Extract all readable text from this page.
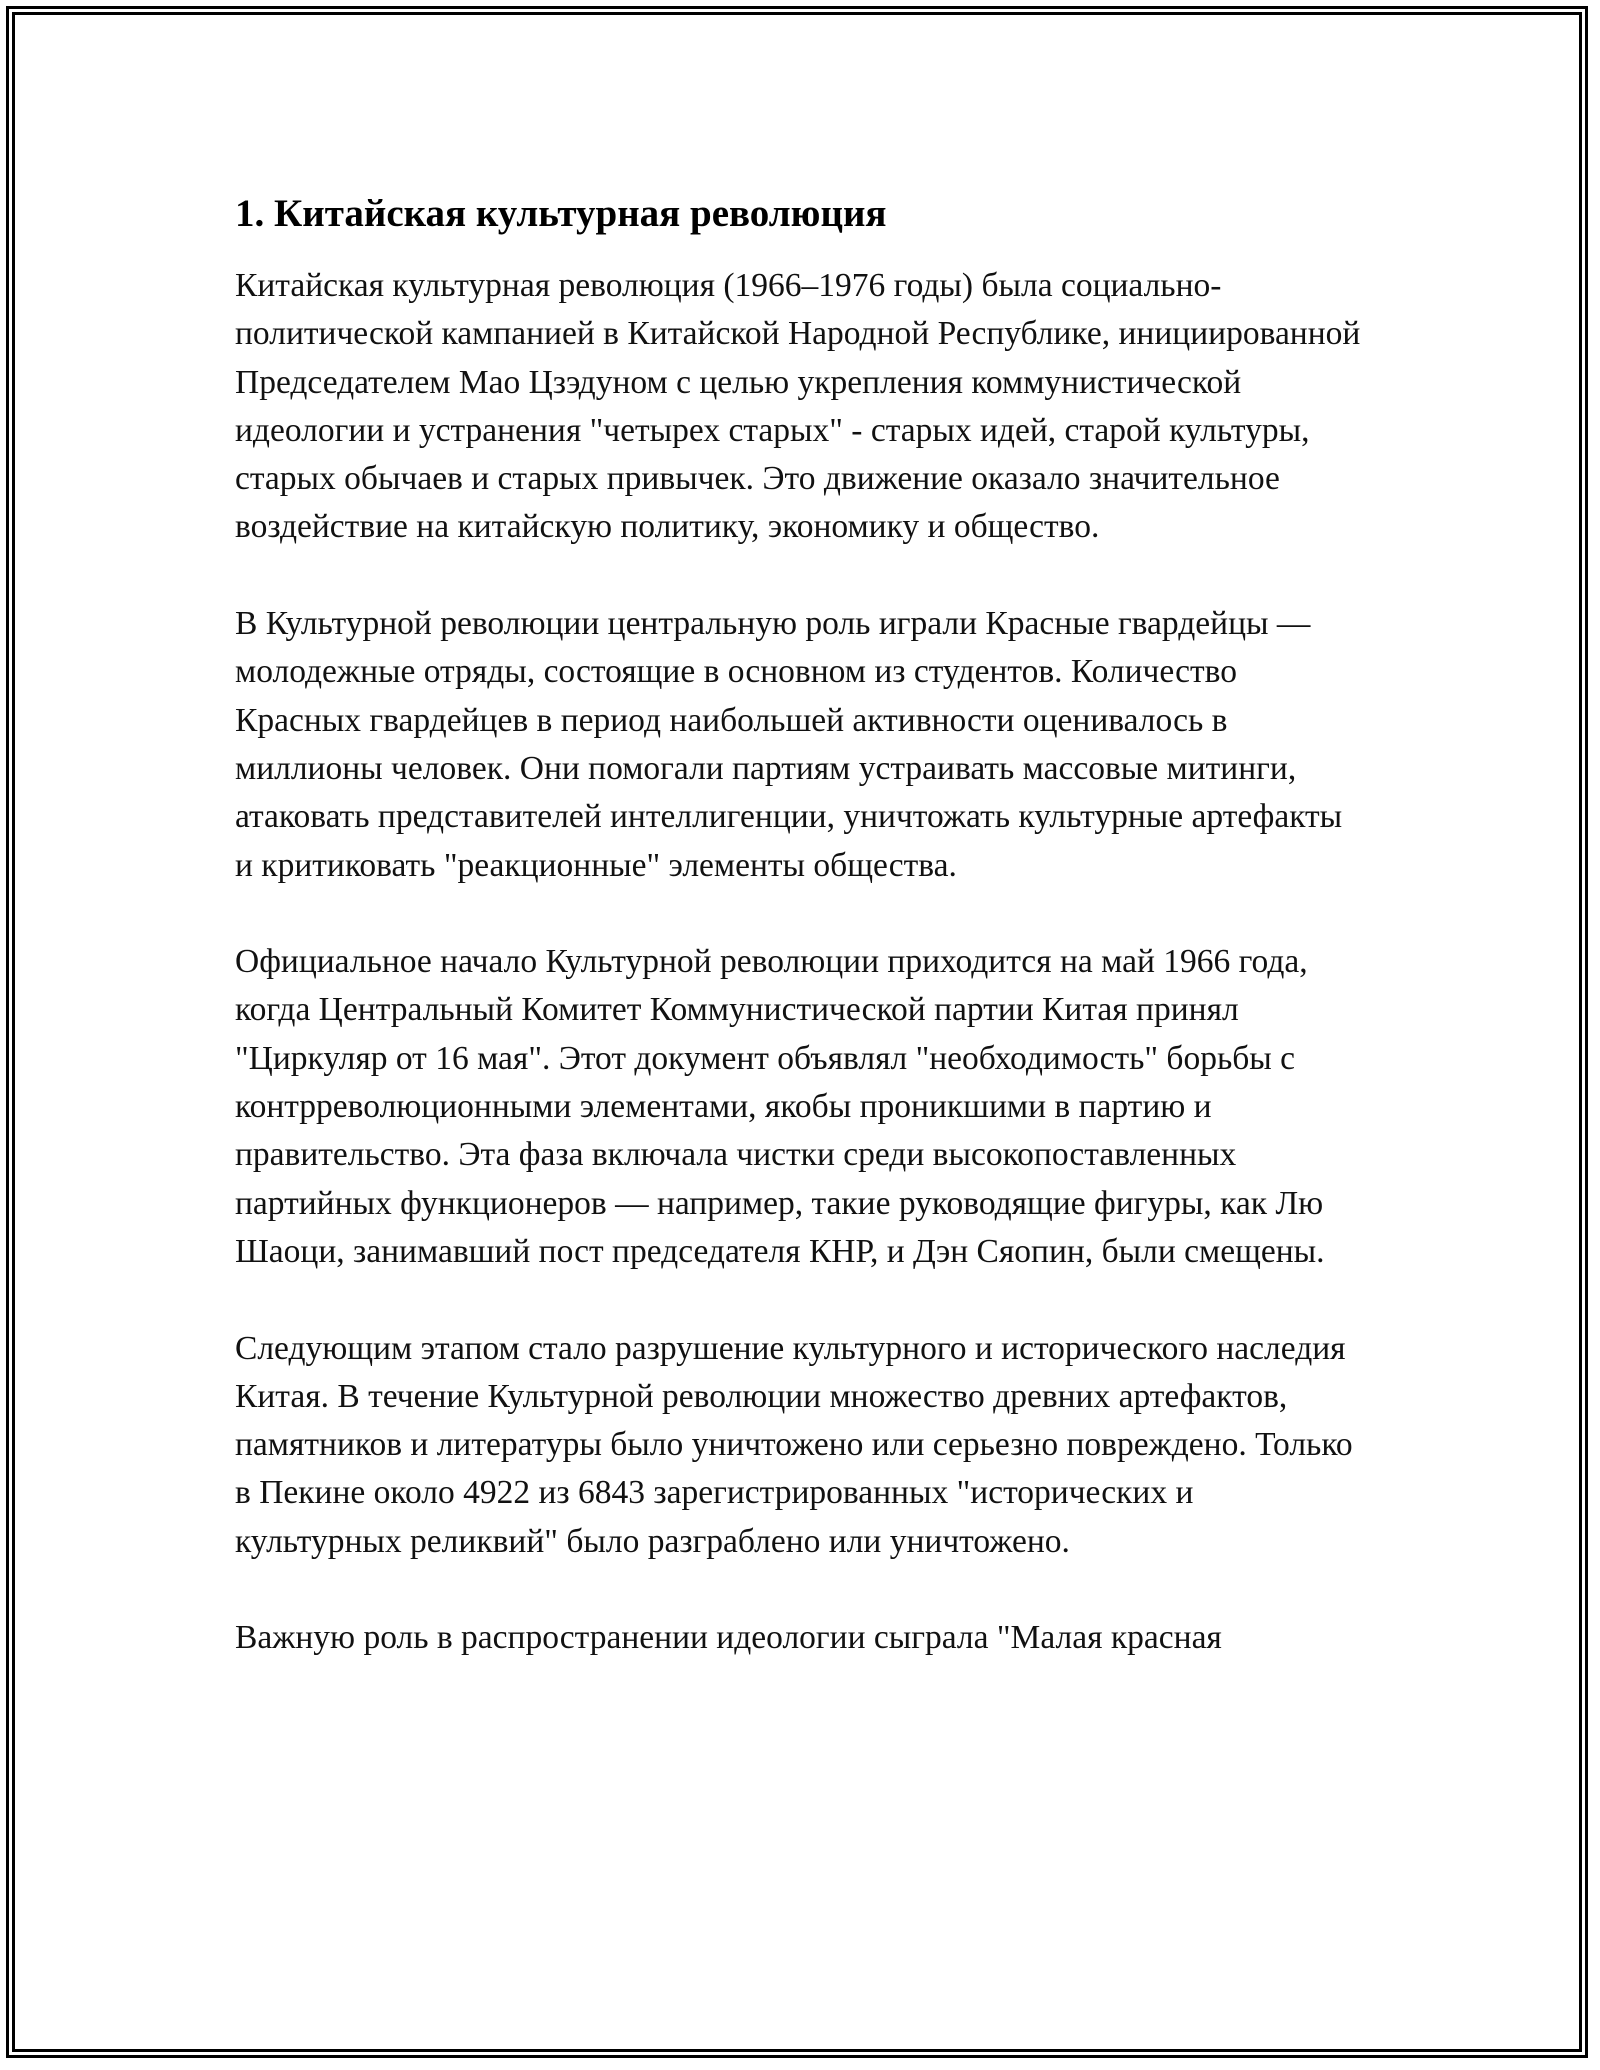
1. Китайская культурная революция

Китайская культурная революция (1966–1976 годы) была социально-политической кампанией в Китайской Народной Республике, инициированной Председателем Мао Цзэдуном с целью укрепления коммунистической идеологии и устранения "четырех старых" - старых идей, старой культуры, старых обычаев и старых привычек. Это движение оказало значительное воздействие на китайскую политику, экономику и общество.

В Культурной революции центральную роль играли Красные гвардейцы — молодежные отряды, состоящие в основном из студентов. Количество Красных гвардейцев в период наибольшей активности оценивалось в миллионы человек. Они помогали партиям устраивать массовые митинги, атаковать представителей интеллигенции, уничтожать культурные артефакты и критиковать "реакционные" элементы общества.

Официальное начало Культурной революции приходится на май 1966 года, когда Центральный Комитет Коммунистической партии Китая принял "Циркуляр от 16 мая". Этот документ объявлял "необходимость" борьбы с контрреволюционными элементами, якобы проникшими в партию и правительство. Эта фаза включала чистки среди высокопоставленных партийных функционеров — например, такие руководящие фигуры, как Лю Шаоци, занимавший пост председателя КНР, и Дэн Сяопин, были смещены.

Следующим этапом стало разрушение культурного и исторического наследия Китая. В течение Культурной революции множество древних артефактов, памятников и литературы было уничтожено или серьезно повреждено. Только в Пекине около 4922 из 6843 зарегистрированных "исторических и культурных реликвий" было разграблено или уничтожено.

Важную роль в распространении идеологии сыграла "Малая красная
